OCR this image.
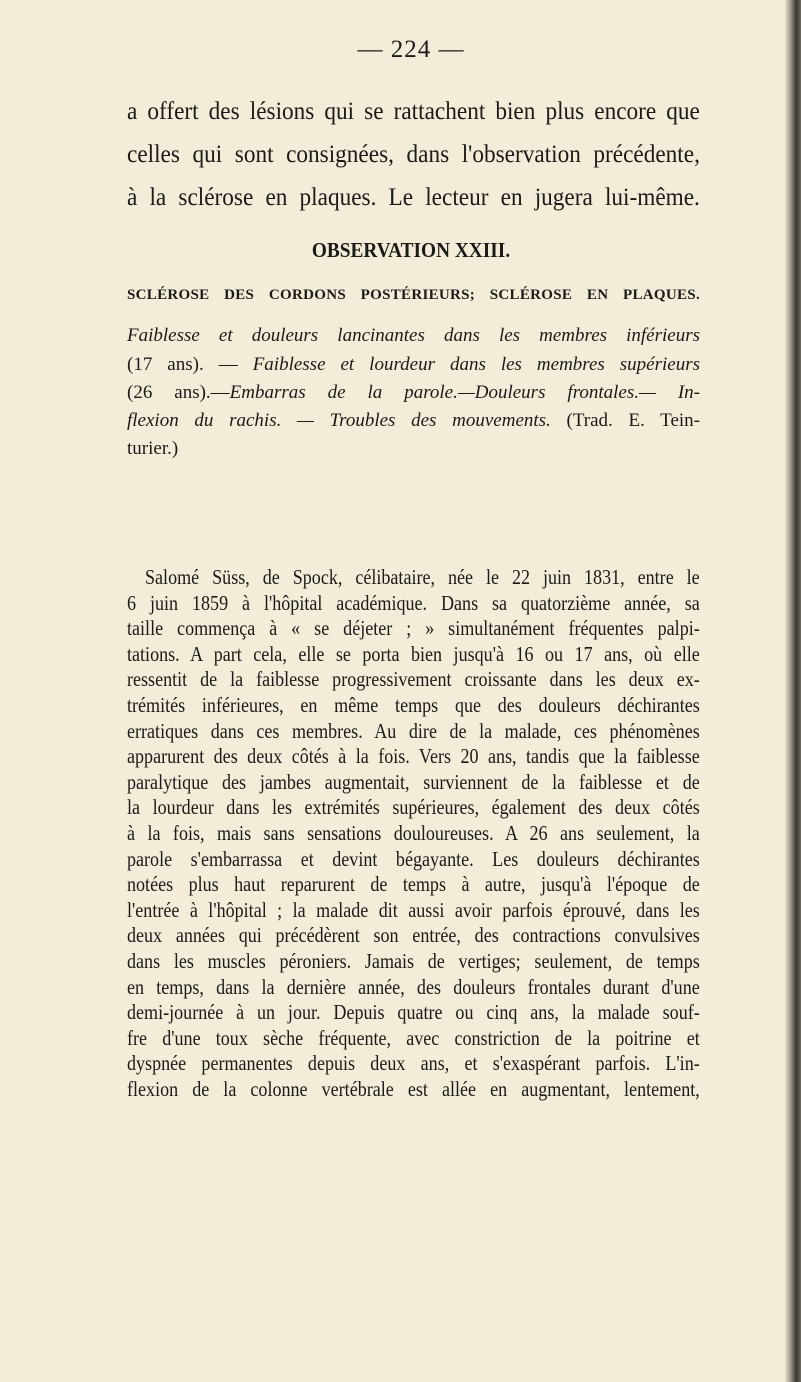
— 224 —
a offert des lésions qui se rattachent bien plus encore que
celles qui sont consignées, dans l'observation précédente,
à la sclérose en plaques. Le lecteur en jugera lui-même.
OBSERVATION XXIII.
SCLÉROSE DES CORDONS POSTÉRIEURS; SCLÉROSE EN PLAQUES.
Faiblesse et douleurs lancinantes dans les membres inférieurs
(17 ans). — Faiblesse et lourdeur dans les membres supérieurs
(26 ans).—Embarras de la parole.—Douleurs frontales.— In-
flexion du rachis. — Troubles des mouvements. (Trad. E. Tein-
turier.)
Salomé Süss, de Spock, célibataire, née le 22 juin 1831, entre le
6 juin 1859 à l'hôpital académique. Dans sa quatorzième année, sa
taille commença à « se déjeter ; » simultanément fréquentes palpi-
tations. A part cela, elle se porta bien jusqu'à 16 ou 17 ans, où elle
ressentit de la faiblesse progressivement croissante dans les deux ex-
trémités inférieures, en même temps que des douleurs déchirantes
erratiques dans ces membres. Au dire de la malade, ces phénomènes
apparurent des deux côtés à la fois. Vers 20 ans, tandis que la faiblesse
paralytique des jambes augmentait, surviennent de la faiblesse et de
la lourdeur dans les extrémités supérieures, également des deux côtés
à la fois, mais sans sensations douloureuses. A 26 ans seulement, la
parole s'embarrassa et devint bégayante. Les douleurs déchirantes
notées plus haut reparurent de temps à autre, jusqu'à l'époque de
l'entrée à l'hôpital ; la malade dit aussi avoir parfois éprouvé, dans les
deux années qui précédèrent son entrée, des contractions convulsives
dans les muscles péroniers. Jamais de vertiges; seulement, de temps
en temps, dans la dernière année, des douleurs frontales durant d'une
demi-journée à un jour. Depuis quatre ou cinq ans, la malade souf-
fre d'une toux sèche fréquente, avec constriction de la poitrine et
dyspnée permanentes depuis deux ans, et s'exaspérant parfois. L'in-
flexion de la colonne vertébrale est allée en augmentant, lentement,
